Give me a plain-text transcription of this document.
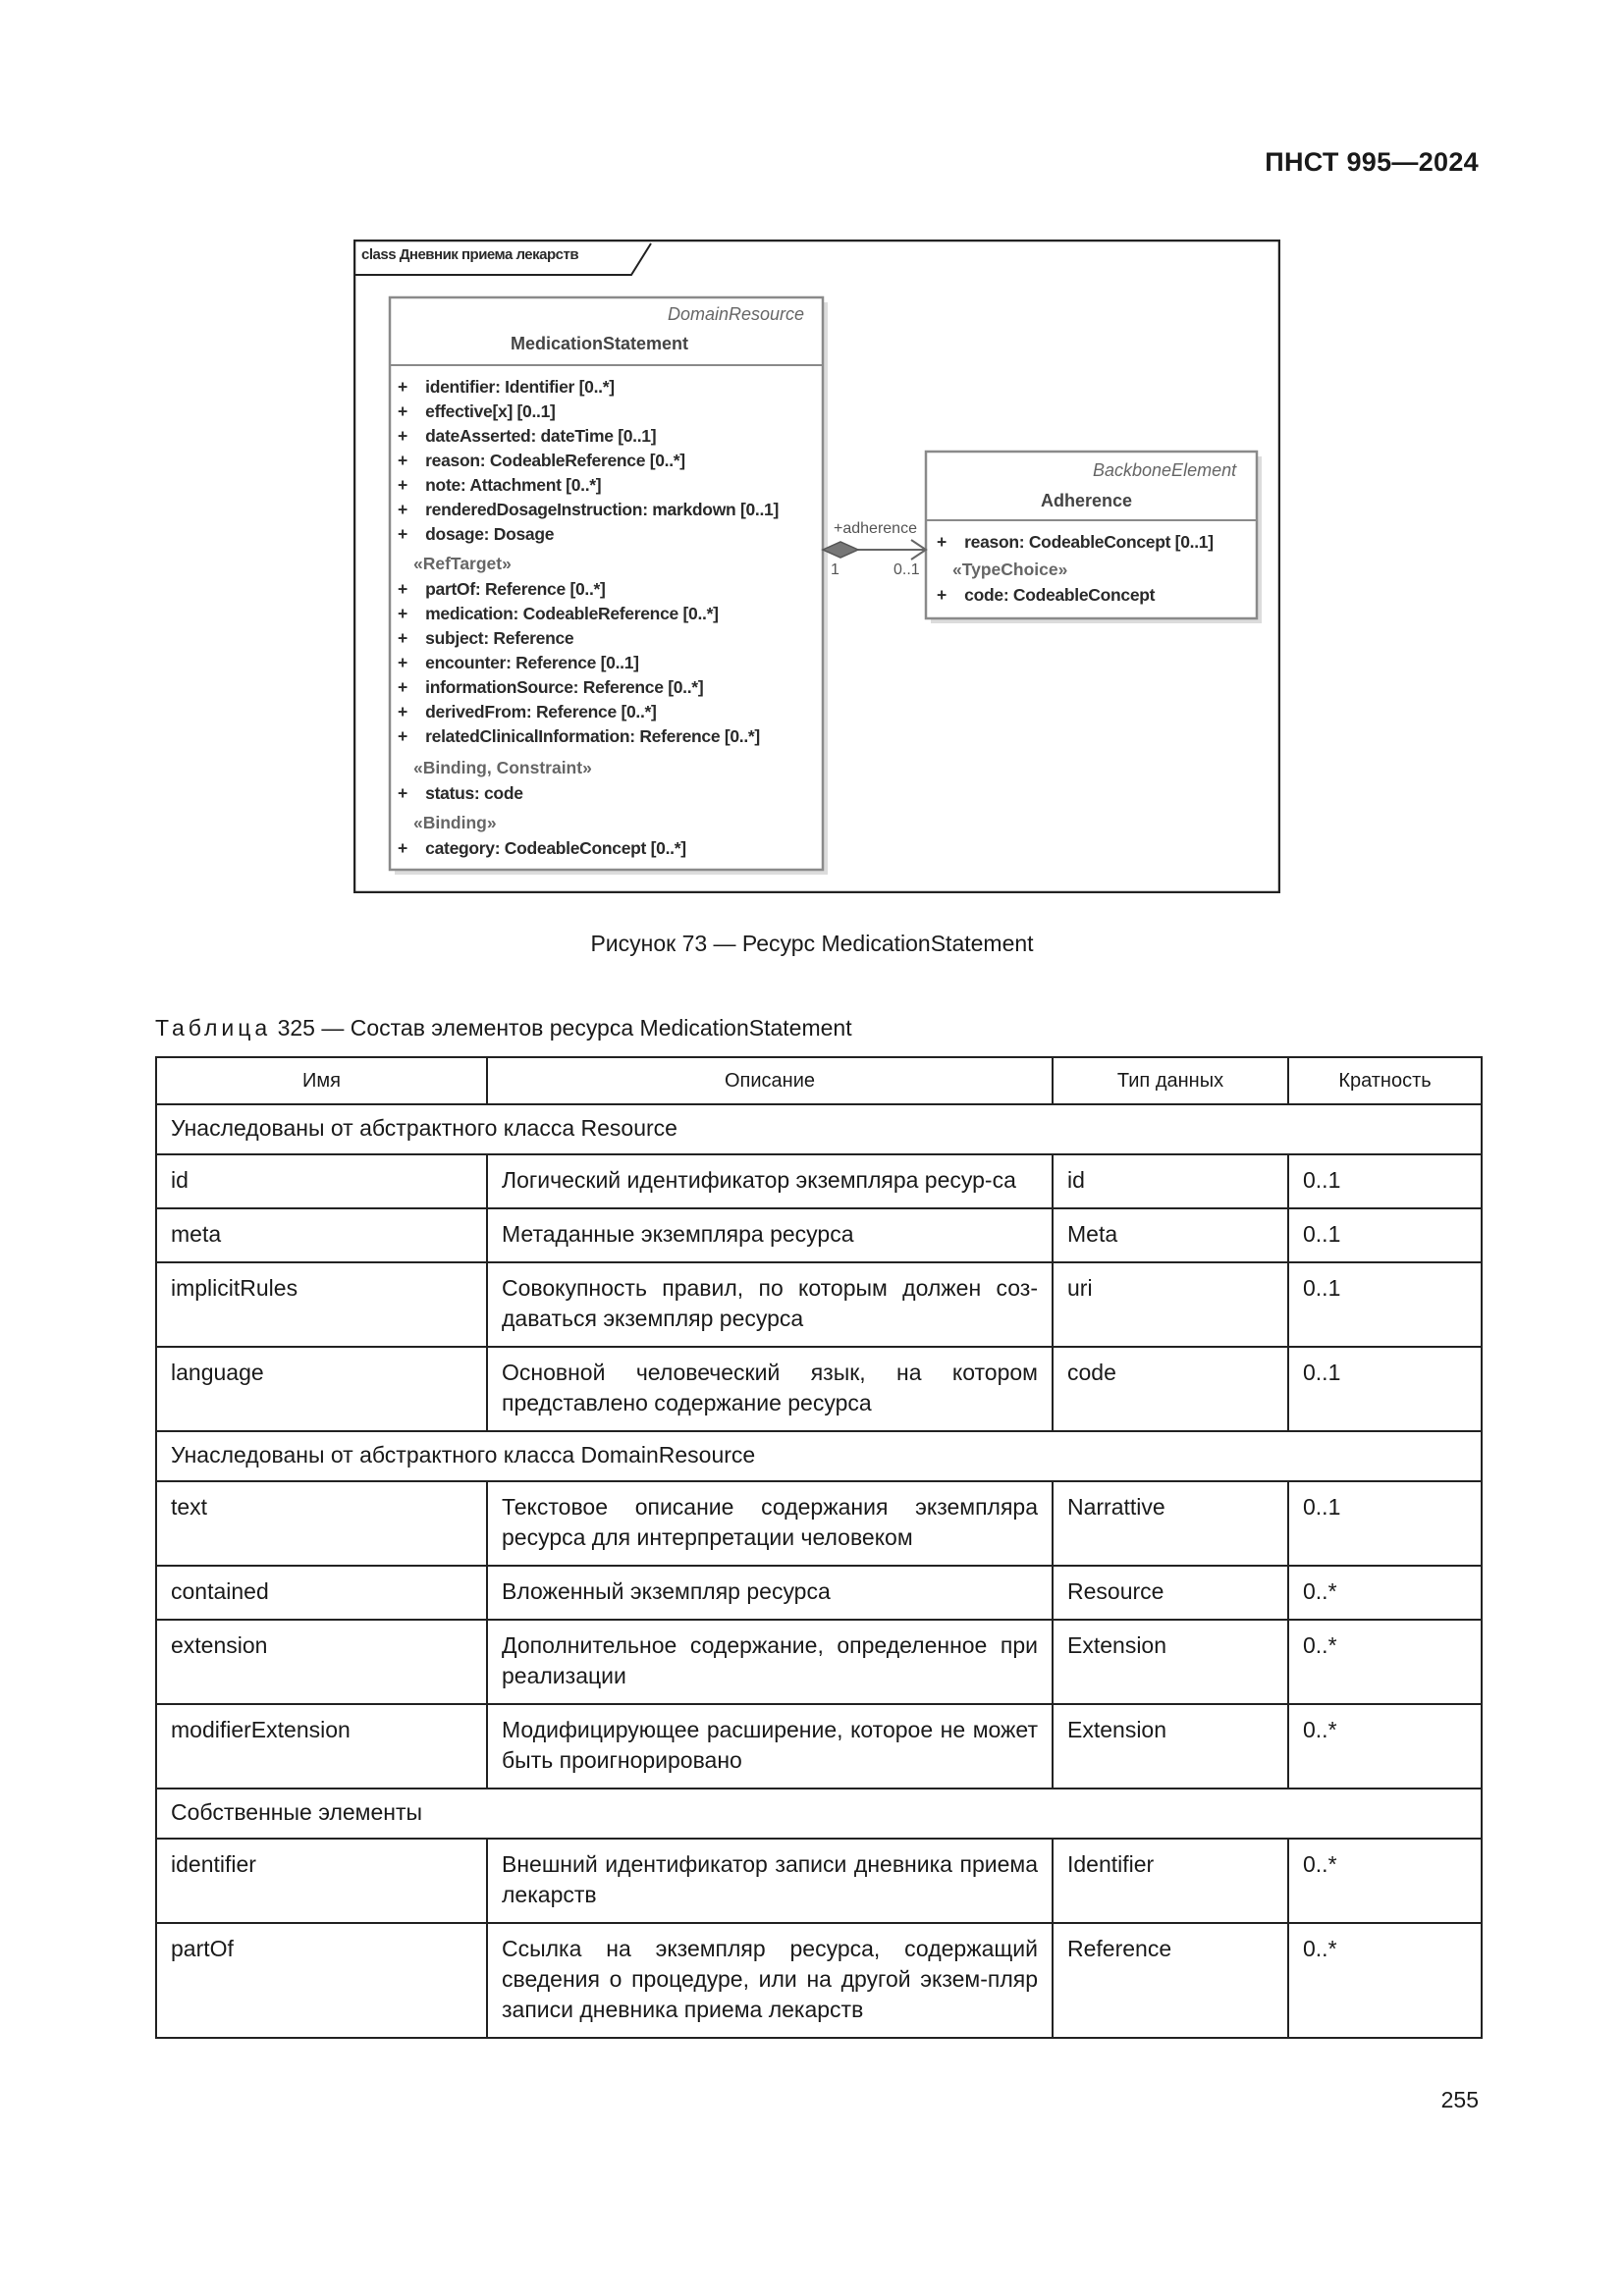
ПНСТ 995—2024
class Дневник приема лекарств
DomainResource
MedicationStatement
+ identifier: Identifier [0..*]
+ effective[x] [0..1]
+ dateAsserted: dateTime [0..1]
+ reason: CodeableReference [0..*]
+ note: Attachment [0..*]
+ renderedDosageInstruction: markdown [0..1]
+ dosage: Dosage
«RefTarget»
+ partOf: Reference [0..*]
+ medication: CodeableReference [0..*]
+ subject: Reference
+ encounter: Reference [0..1]
+ informationSource: Reference [0..*]
+ derivedFrom: Reference [0..*]
+ relatedClinicalInformation: Reference [0..*]
«Binding, Constraint»
+ status: code
«Binding»
+ category: CodeableConcept [0..*]
+adherence
1	0..1
BackboneElement
Adherence
+ reason: CodeableConcept [0..1]
«TypeChoice»
+ code: CodeableConcept
Рисунок 73 — Ресурс MedicationStatement
Таблица 325 — Состав элементов ресурса MedicationStatement
Имя	Описание	Тип данных	Кратность
Унаследованы от абстрактного класса Resource			
id	Логический идентификатор экземпляра ресур-са	id	0..1
meta	Метаданные экземпляра ресурса	Meta	0..1
implicitRules	Совокупность правил, по которым должен соз-даваться экземпляр ресурса	uri	0..1
language	Основной человеческий язык, на котором представлено содержание ресурса	code	0..1
Унаследованы от абстрактного класса DomainResource			
text	Текстовое описание содержания экземпляра ресурса для интерпретации человеком	Narrattive	0..1
contained	Вложенный экземпляр ресурса	Resource	0..*
extension	Дополнительное содержание, определенное при реализации	Extension	0..*
modifierExtension	Модифицирующее расширение, которое не может быть проигнорировано	Extension	0..*
Собственные элементы			
identifier	Внешний идентификатор записи дневника приема лекарств	Identifier	0..*
partOf	Ссылка на экземпляр ресурса, содержащий сведения о процедуре, или на другой экзем-пляр записи дневника приема лекарств	Reference	0..*
255
